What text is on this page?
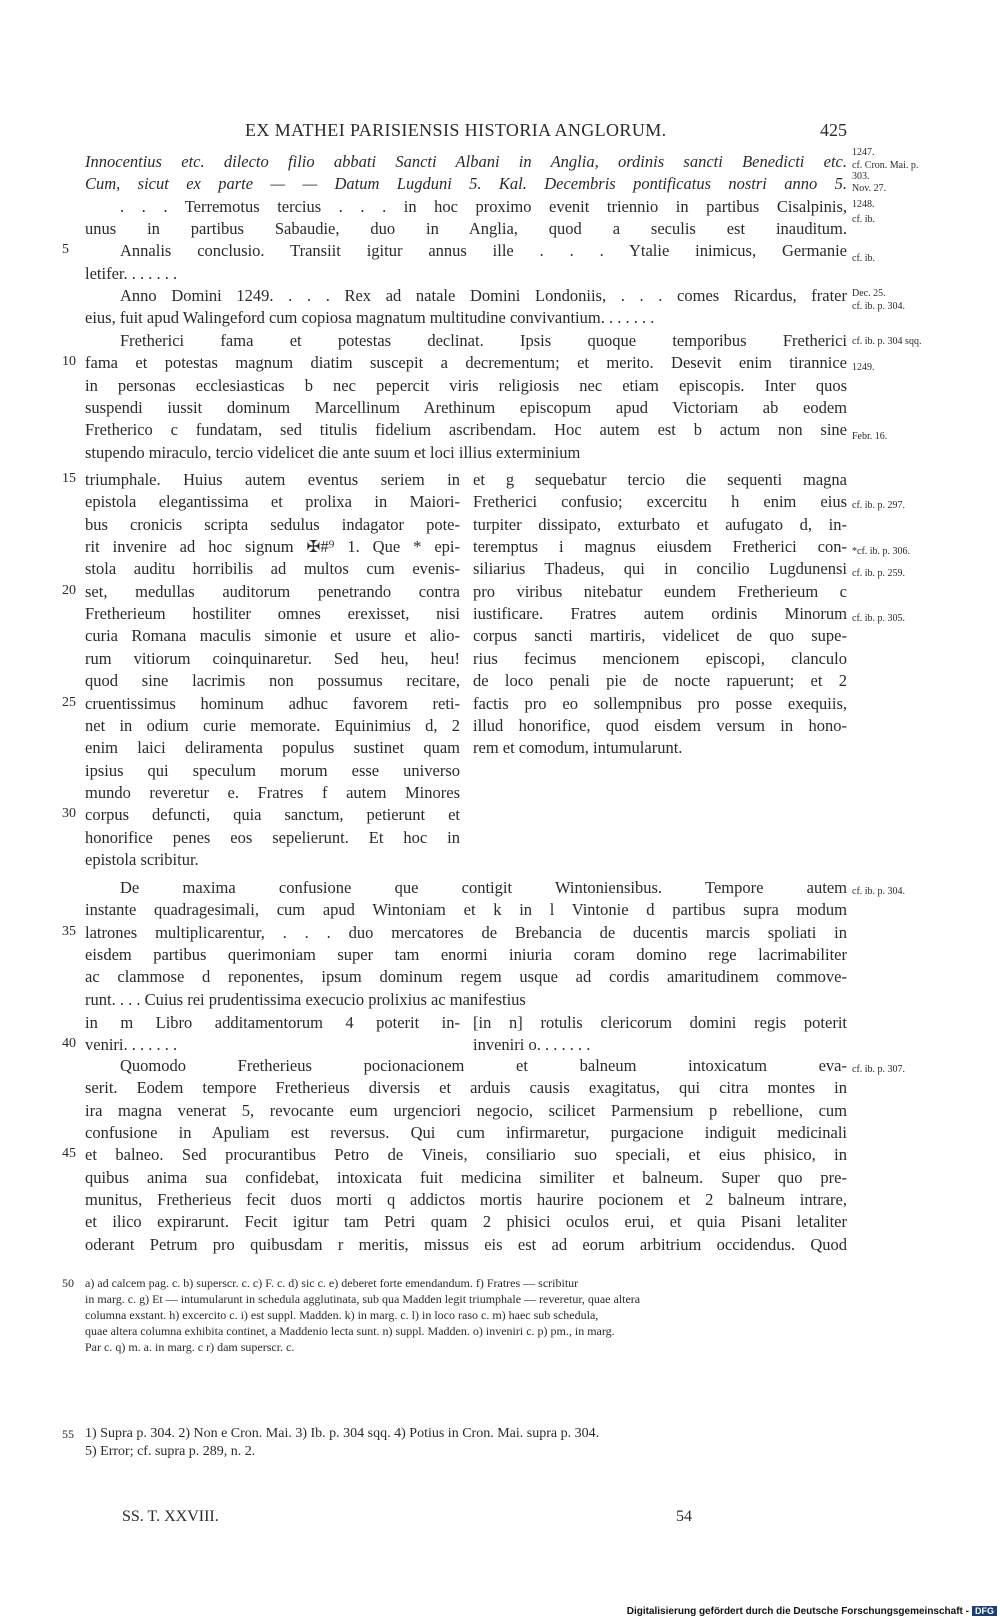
EX MATHEI PARISIENSIS HISTORIA ANGLORUM.	425
Innocentius etc. dilecto filio abbati Sancti Albani in Anglia, ordinis sancti Benedicti etc.
Cum, sicut ex parte — — Datum Lugduni 5. Kal. Decembris pontificatus nostri anno 5.
. . . Terremotus tercius . . . in hoc proximo evenit triennio in partibus Cisalpinis,
unus in partibus Sabaudie, duo in Anglia, quod a seculis est inauditum.
Annalis conclusio. Transiit igitur annus ille . . . Ytalie inimicus, Germanie
5
letifer. . . . . . .
Anno Domini 1249. . . . Rex ad natale Domini Londoniis, . . . comes Ricardus, frater
eius, fuit apud Walingeford cum copiosa magnatum multitudine convivantium. . . . . . .
Fretherici fama et potestas declinat. Ipsis quoque temporibus Fretherici
fama et potestas magnum diatim suscepit a decrementum; et merito. Desevit enim tirannice
10
in personas ecclesiasticas b nec pepercit viris religiosis nec etiam episcopis. Inter quos
suspendi iussit dominum Marcellinum Arethinum episcopum apud Victoriam ab eodem
Fretherico c fundatam, sed titulis fidelium ascribendam. Hoc autem est b actum non sine
stupendo miraculo, tercio videlicet die ante suum et loci illius exterminium
triumphale. Huius autem eventus seriem in
15
epistola elegantissima et prolixa in Maiori-
bus cronicis scripta sedulus indagator pote-
rit invenire ad hoc signum ✠#⁹ 1. Que * epi-
stola auditu horribilis ad multos cum evenis-
set, medullas auditorum penetrando contra
20
Fretherieum hostiliter omnes erexisset, nisi
curia Romana maculis simonie et usure et alio-
rum vitiorum coinquinaretur. Sed heu, heu!
quod sine lacrimis non possumus recitare,
cruentissimus hominum adhuc favorem reti-
25
net in odium curie memorate. Equinimius d, 2
enim laici deliramenta populus sustinet quam
ipsius qui speculum morum esse universo
mundo reveretur e. Fratres f autem Minores
corpus defuncti, quia sanctum, petierunt et
30
honorifice penes eos sepelierunt. Et hoc in
epistola scribitur.
et g sequebatur tercio die sequenti magna
Fretherici confusio; excercitu h enim eius
turpiter dissipato, exturbato et aufugato d, in-
teremptus i magnus eiusdem Fretherici con-
siliarius Thadeus, qui in concilio Lugdunensi
pro viribus nitebatur eundem Fretherieum c
iustificare. Fratres autem ordinis Minorum
corpus sancti martiris, videlicet de quo supe-
rius fecimus mencionem episcopi, clanculo
de loco penali pie de nocte rapuerunt; et 2
factis pro eo sollempnibus pro posse exequiis,
illud honorifice, quod eisdem versum in hono-
rem et comodum, intumularunt.
De maxima confusione que contigit Wintoniensibus. Tempore autem
instante quadragesimali, cum apud Wintoniam et k in l Vintonie d partibus supra modum
latrones multiplicarentur, . . . duo mercatores de Brebancia de ducentis marcis spoliati in
35
eisdem partibus querimoniam super tam enormi iniuria coram domino rege lacrimabiliter
ac clammose d reponentes, ipsum dominum regem usque ad cordis amaritudinem commove-
runt. . . . Cuius rei prudentissima execucio prolixius ac manifestius
in m Libro additamentorum 4 poterit in-
veniri. . . . . . .
40
[in n] rotulis clericorum domini regis poterit
inveniri o. . . . . . .
Quomodo Fretherieus pocionacionem et balneum intoxicatum eva-
serit. Eodem tempore Fretherieus diversis et arduis causis exagitatus, qui citra montes in
ira magna venerat 5, revocante eum urgenciori negocio, scilicet Parmensium p rebellione, cum
confusione in Apuliam est reversus. Qui cum infirmaretur, purgacione indiguit medicinali
et balneo. Sed procurantibus Petro de Vineis, consiliario suo speciali, et eius phisico, in
45
quibus anima sua confidebat, intoxicata fuit medicina similiter et balneum. Super quo pre-
munitus, Fretherieus fecit duos morti q addictos mortis haurire pocionem et 2 balneum intrare,
et ilico expirarunt. Fecit igitur tam Petri quam 2 phisici oculos erui, et quia Pisani letaliter
oderant Petrum pro quibusdam r meritis, missus eis est ad eorum arbitrium occidendus. Quod
1247.
cf. Cron. Mai. p. 303.
Nov. 27.
1248.
cf. ib.
cf. ib.
Dec. 25.
cf. ib. p. 304.
cf. ib. p. 304 sqq.
1249.
Febr. 16.
cf. ib. p. 297.
*cf. ib. p. 306.
cf. ib. p. 259.
cf. ib. p. 305.
cf. ib. p. 304.
cf. ib. p. 307.
a) ad calcem pag. c. b) superscr. c. c) F. c. d) sic c. e) deberet forte emendandum. f) Fratres — scribitur
50
in marg. c. g) Et — intumularunt in schedula agglutinata, sub qua Madden legit triumphale — reveretur, quae altera
columna exstant. h) excercito c. i) est suppl. Madden. k) in marg. c. l) in loco raso c. m) haec sub schedula,
quae altera columna exhibita continet, a Maddenio lecta sunt. n) suppl. Madden. o) inveniri c. p) pm., in marg.
Par c. q) m. a. in marg. c r) dam superscr. c.
1) Supra p. 304. 2) Non e Cron. Mai. 3) Ib. p. 304 sqq. 4) Potius in Cron. Mai. supra p. 304.
55
5) Error; cf. supra p. 289, n. 2.
SS. T. XXVIII.	54
Digitalisierung gefördert durch die Deutsche Forschungsgemeinschaft - DFG
